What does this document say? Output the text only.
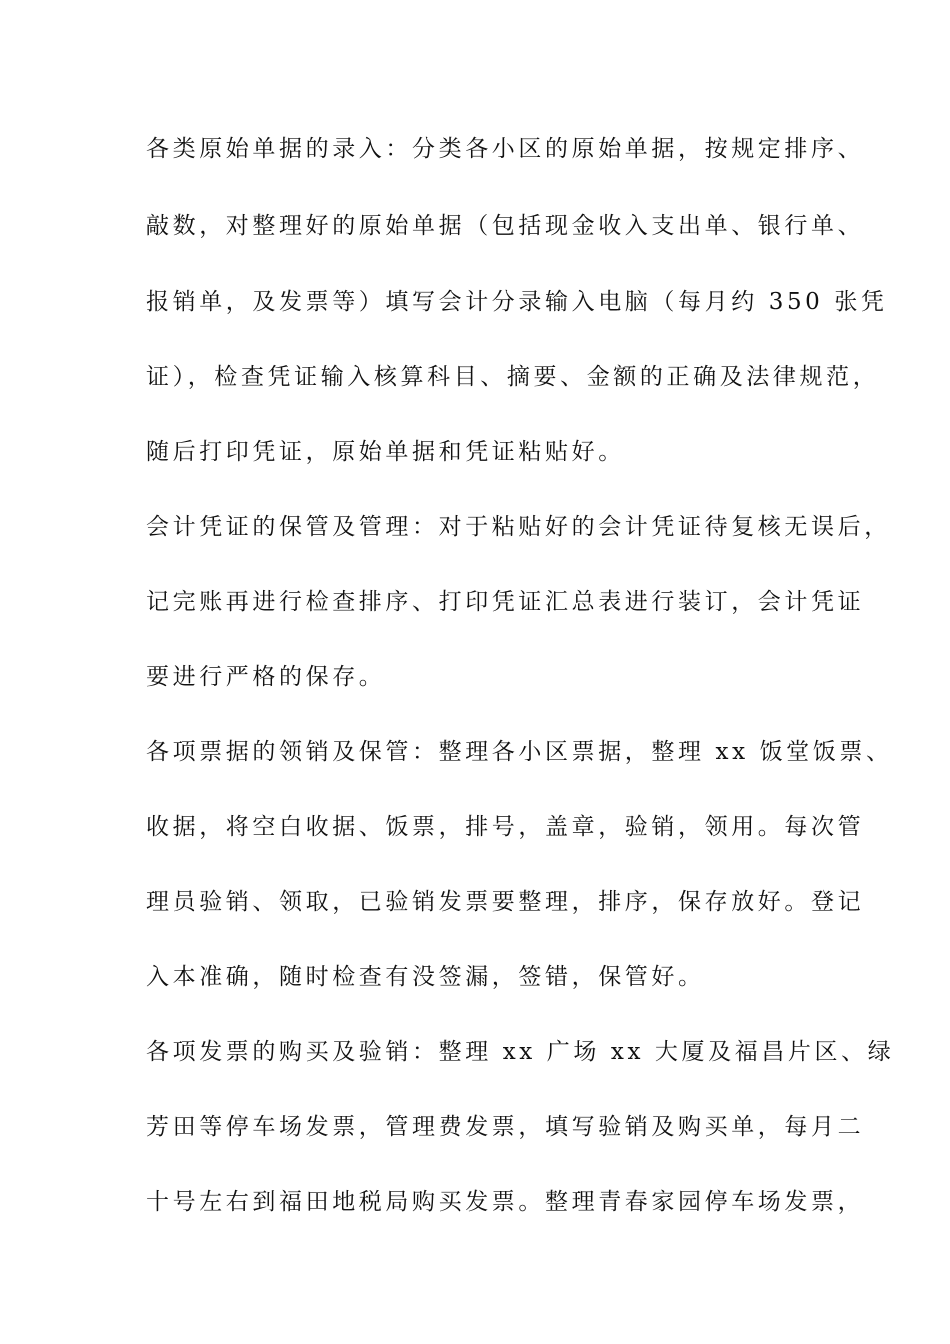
各类原始单据的录入：分类各小区的原始单据，按规定排序、
敲数，对整理好的原始单据（包括现金收入支出单、银行单、
报销单，及发票等）填写会计分录输入电脑（每月约 350 张凭
证），检查凭证输入核算科目、摘要、金额的正确及法律规范，
随后打印凭证，原始单据和凭证粘贴好。
会计凭证的保管及管理：对于粘贴好的会计凭证待复核无误后，
记完账再进行检查排序、打印凭证汇总表进行装订，会计凭证
要进行严格的保存。
各项票据的领销及保管：整理各小区票据，整理 xx 饭堂饭票、
收据，将空白收据、饭票，排号，盖章，验销，领用。每次管
理员验销、领取，已验销发票要整理，排序，保存放好。登记
入本准确，随时检查有没签漏，签错，保管好。
各项发票的购买及验销：整理 xx 广场 xx 大厦及福昌片区、绿
芳田等停车场发票，管理费发票，填写验销及购买单，每月二
十号左右到福田地税局购买发票。整理青春家园停车场发票，
